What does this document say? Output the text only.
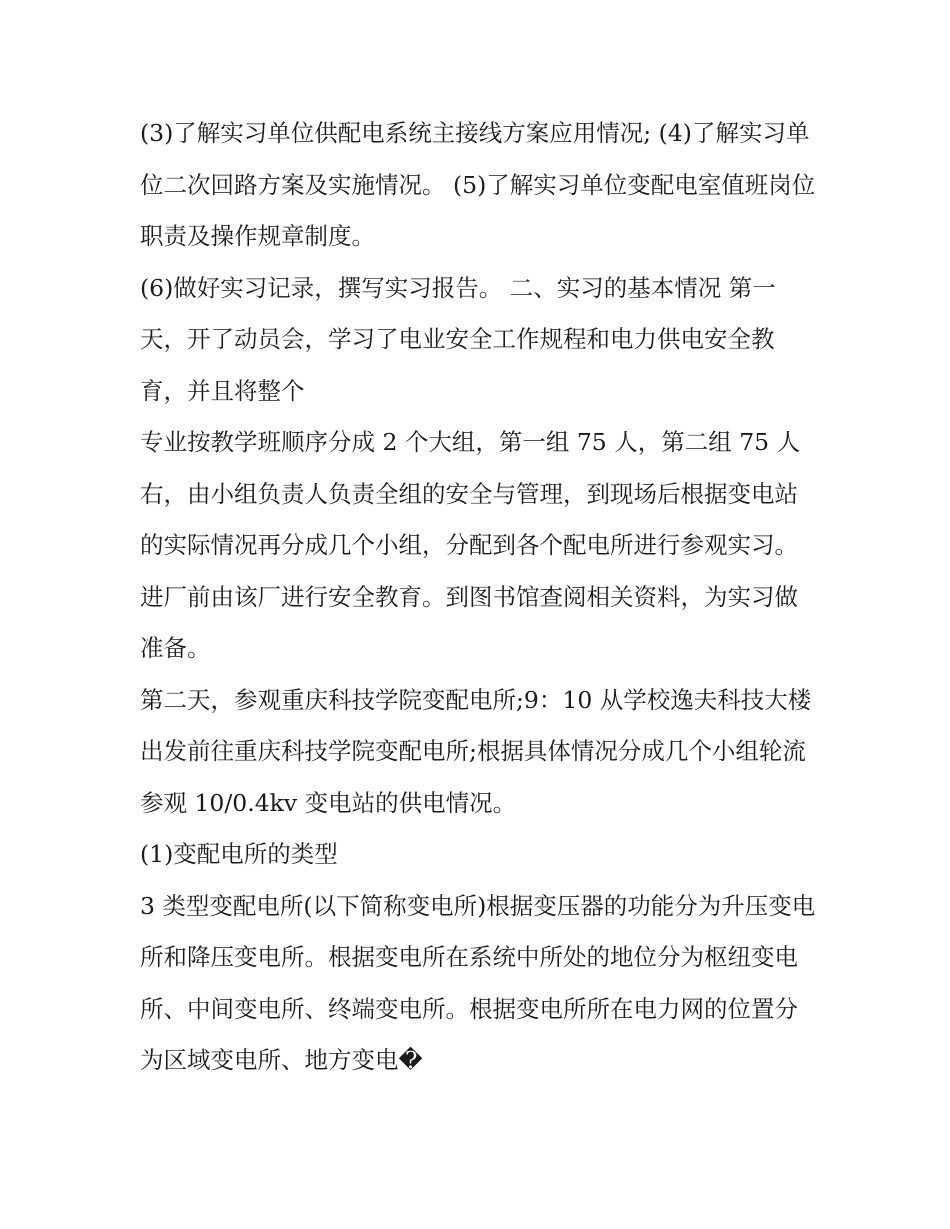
(3)了解实习单位供配电系统主接线方案应用情况; (4)了解实习单位二次回路方案及实施情况。 (5)了解实习单位变配电室值班岗位职责及操作规章制度。

(6)做好实习记录，撰写实习报告。 二、实习的基本情况 第一天，开了动员会，学习了电业安全工作规程和电力供电安全教育，并且将整个

专业按教学班顺序分成 2 个大组，第一组 75 人，第二组 75 人右，由小组负责人负责全组的安全与管理，到现场后根据变电站的实际情况再分成几个小组，分配到各个配电所进行参观实习。进厂前由该厂进行安全教育。到图书馆查阅相关资料，为实习做准备。

第二天，参观重庆科技学院变配电所;9：10 从学校逸夫科技大楼出发前往重庆科技学院变配电所;根据具体情况分成几个小组轮流参观 10/0.4kv 变电站的供电情况。

(1)变配电所的类型

3 类型变配电所(以下简称变电所)根据变压器的功能分为升压变电所和降压变电所。根据变电所在系统中所处的地位分为枢纽变电所、中间变电所、终端变电所。根据变电所所在电力网的位置分为区域变电所、地方变电�
